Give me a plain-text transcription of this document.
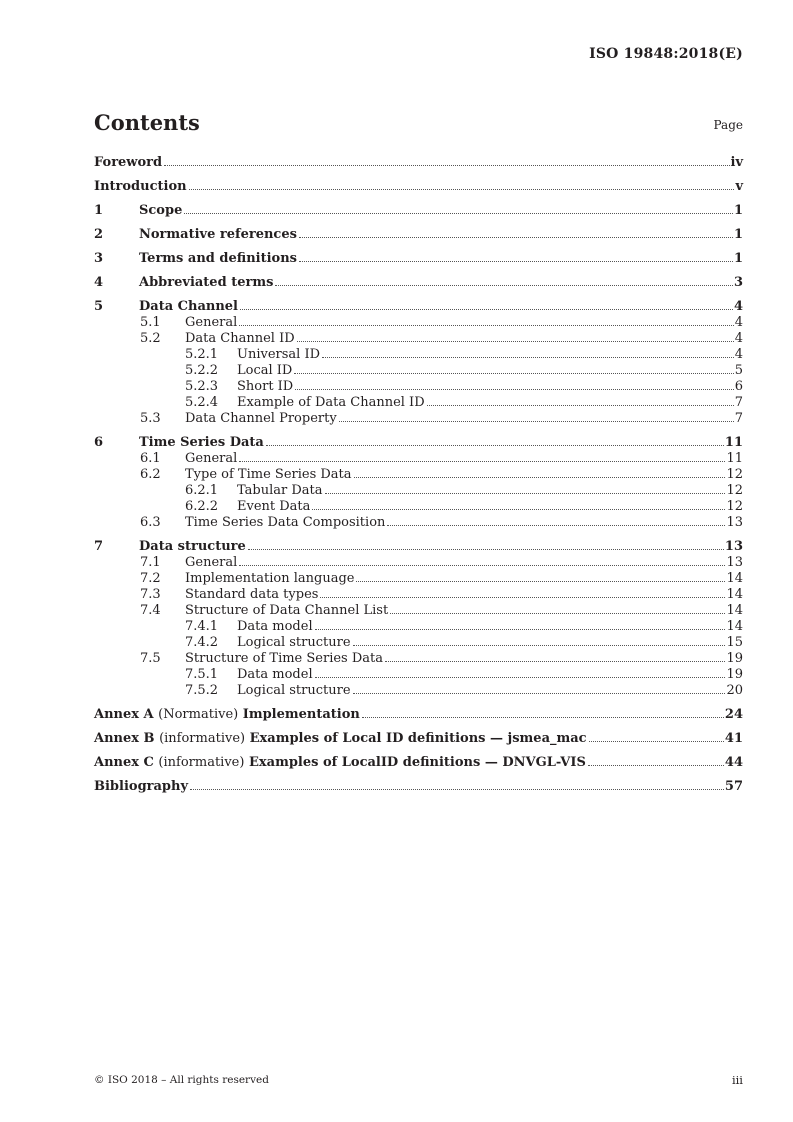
ISO 19848:2018(E)
Contents	Page
Foreword	iv
Introduction	v
1	Scope	1
2	Normative references	1
3	Terms and definitions	1
4	Abbreviated terms	3
5	Data Channel	4
5.1	General	4
5.2	Data Channel ID	4
5.2.1	Universal ID	4
5.2.2	Local ID	5
5.2.3	Short ID	6
5.2.4	Example of Data Channel ID	7
5.3	Data Channel Property	7
6	Time Series Data	11
6.1	General	11
6.2	Type of Time Series Data	12
6.2.1	Tabular Data	12
6.2.2	Event Data	12
6.3	Time Series Data Composition	13
7	Data structure	13
7.1	General	13
7.2	Implementation language	14
7.3	Standard data types	14
7.4	Structure of Data Channel List	14
7.4.1	Data model	14
7.4.2	Logical structure	15
7.5	Structure of Time Series Data	19
7.5.1	Data model	19
7.5.2	Logical structure	20
Annex A (Normative) Implementation	24
Annex B (informative) Examples of Local ID definitions — jsmea_mac	41
Annex C (informative) Examples of LocalID definitions — DNVGL-VIS	44
Bibliography	57
© ISO 2018 – All rights reserved	iii
